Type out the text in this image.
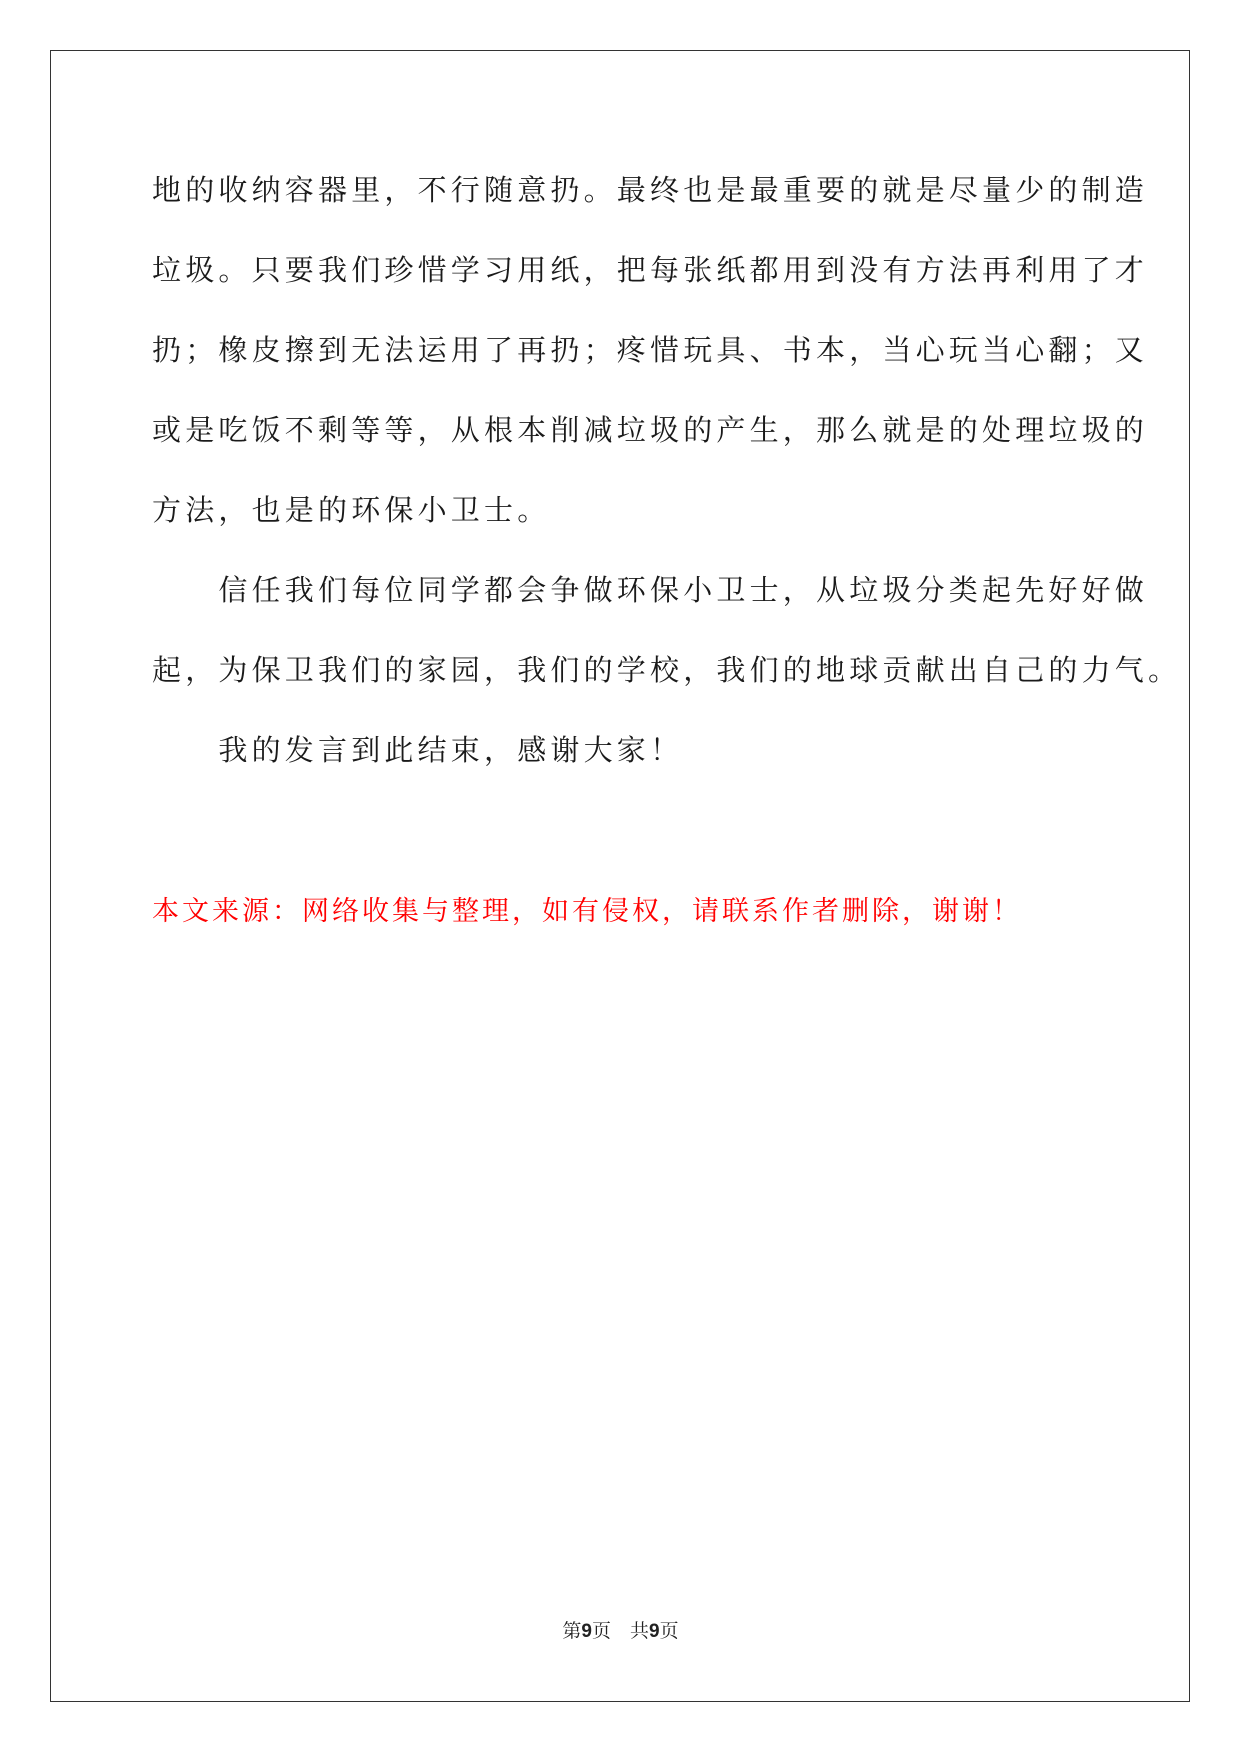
地的收纳容器里，不行随意扔。最终也是最重要的就是尽量少的制造
垃圾。只要我们珍惜学习用纸，把每张纸都用到没有方法再利用了才
扔；橡皮擦到无法运用了再扔；疼惜玩具、书本，当心玩当心翻；又
或是吃饭不剩等等，从根本削减垃圾的产生，那么就是的处理垃圾的
方法，也是的环保小卫士。
　　信任我们每位同学都会争做环保小卫士，从垃圾分类起先好好做
起，为保卫我们的家园，我们的学校，我们的地球贡献出自己的力气。
　　我的发言到此结束，感谢大家！
本文来源：网络收集与整理，如有侵权，请联系作者删除，谢谢！
第9页　共9页
